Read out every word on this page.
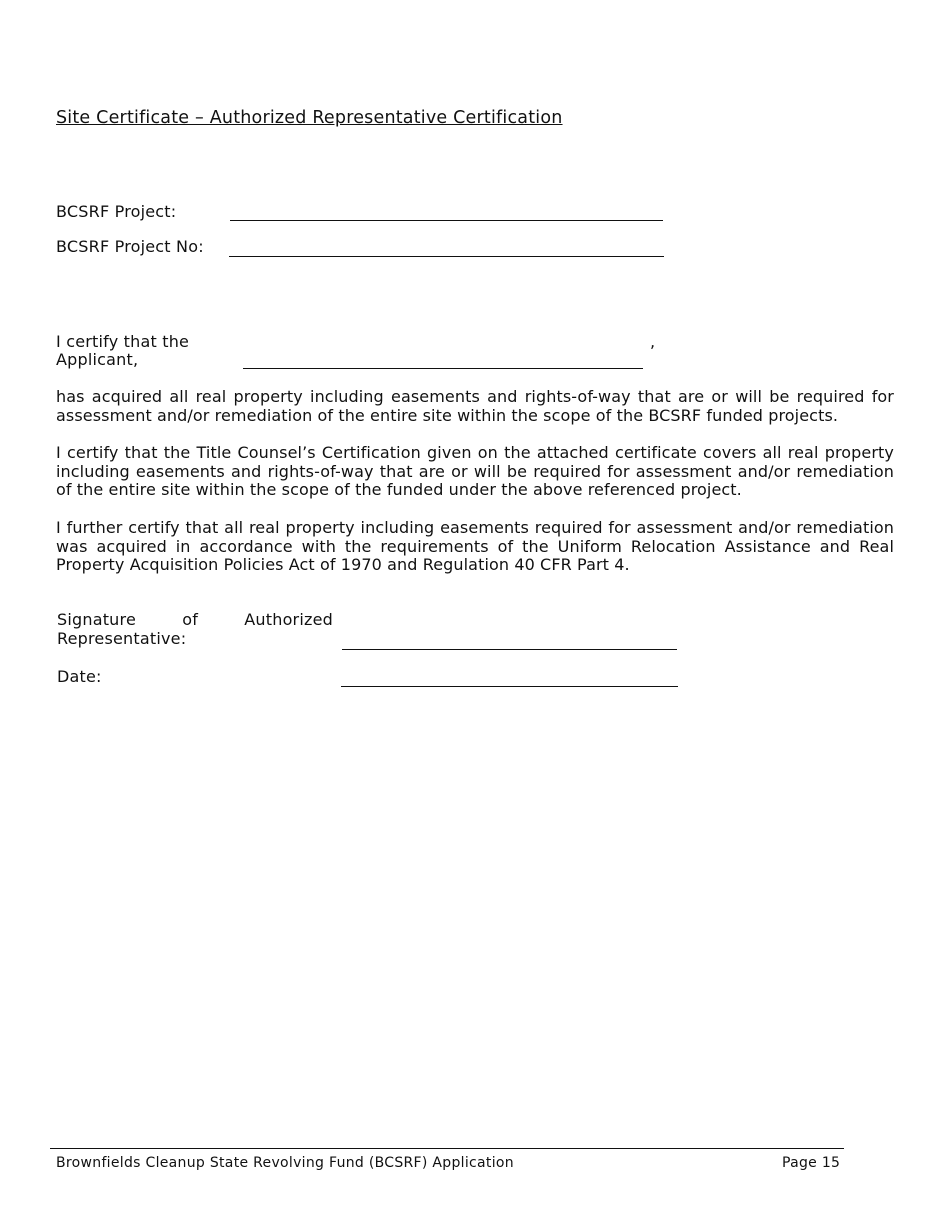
Site Certificate – Authorized Representative Certification
BCSRF Project:
BCSRF Project No:
I certify that the
Applicant,
,
has acquired all real property including easements and rights-of-way that are or will be required for assessment and/or remediation of the entire site within the scope of the BCSRF funded projects.
I certify that the Title Counsel’s Certification given on the attached certificate covers all real property including easements and rights-of-way that are or will be required for assessment and/or remediation of the entire site within the scope of the funded under the above referenced project.
I further certify that all real property including easements required for assessment and/or remediation was acquired in accordance with the requirements of the Uniform Relocation Assistance and Real Property Acquisition Policies Act of 1970 and Regulation 40 CFR Part 4.
Signature	of	Authorized
Representative:
Date:
Brownfields Cleanup State Revolving Fund (BCSRF) Application	Page 15
